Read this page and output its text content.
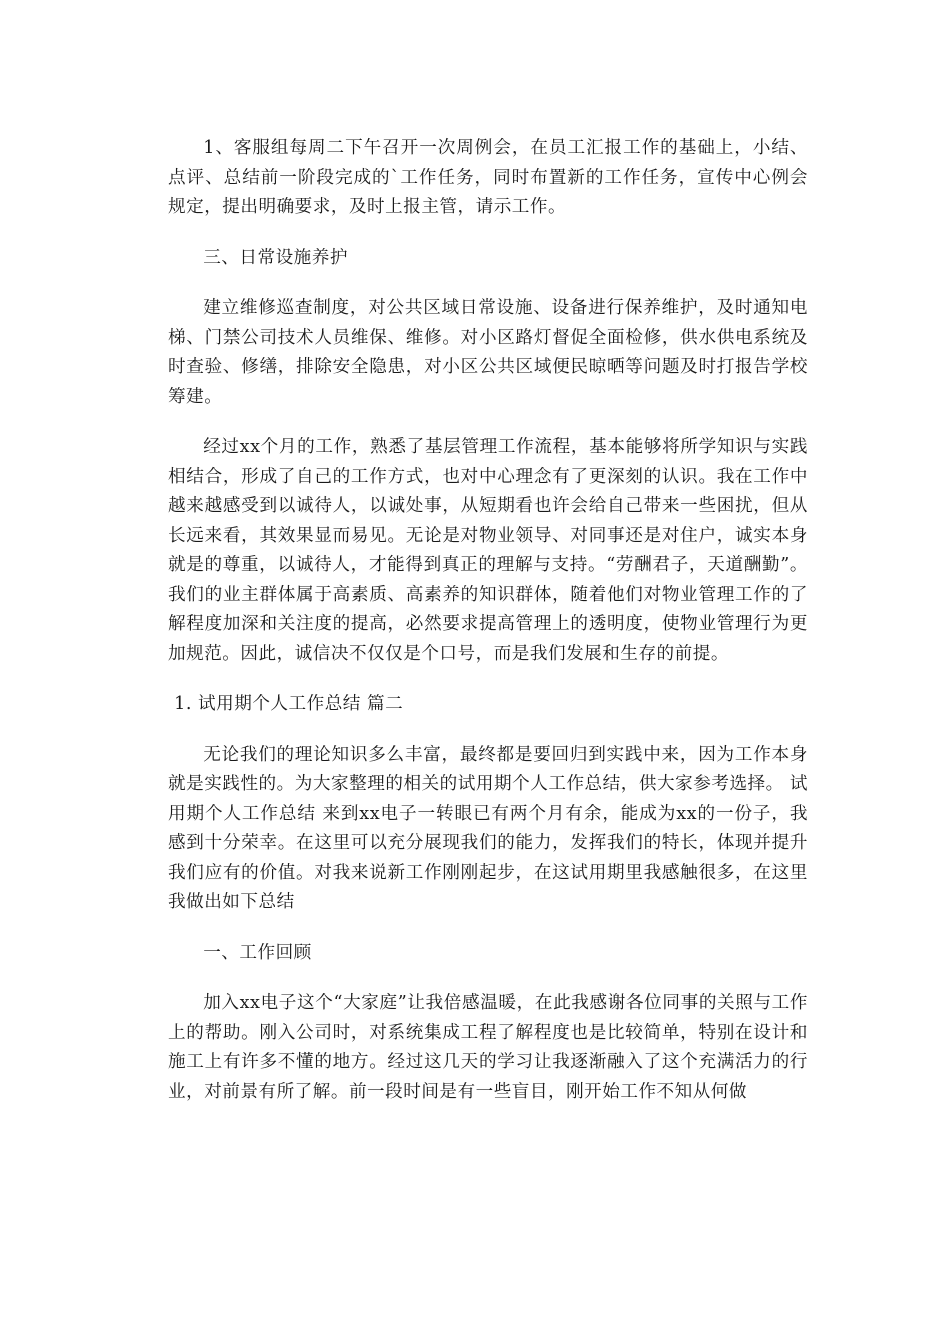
1、客服组每周二下午召开一次周例会，在员工汇报工作的基础上，小结、点评、总结前一阶段完成的`工作任务，同时布置新的工作任务，宣传中心例会规定，提出明确要求，及时上报主管，请示工作。

三、日常设施养护

建立维修巡查制度，对公共区域日常设施、设备进行保养维护，及时通知电梯、门禁公司技术人员维保、维修。对小区路灯督促全面检修，供水供电系统及时查验、修缮，排除安全隐患，对小区公共区域便民晾晒等问题及时打报告学校筹建。

经过xx个月的工作，熟悉了基层管理工作流程，基本能够将所学知识与实践相结合，形成了自己的工作方式，也对中心理念有了更深刻的认识。我在工作中越来越感受到以诚待人，以诚处事，从短期看也许会给自己带来一些困扰，但从长远来看，其效果显而易见。无论是对物业领导、对同事还是对住户，诚实本身就是的尊重，以诚待人，才能得到真正的理解与支持。“劳酬君子，天道酬勤”。我们的业主群体属于高素质、高素养的知识群体，随着他们对物业管理工作的了解程度加深和关注度的提高，必然要求提高管理上的透明度，使物业管理行为更加规范。因此，诚信决不仅仅是个口号，而是我们发展和生存的前提。

1. 试用期个人工作总结 篇二

无论我们的理论知识多么丰富，最终都是要回归到实践中来，因为工作本身就是实践性的。为大家整理的相关的试用期个人工作总结，供大家参考选择。 试用期个人工作总结 来到xx电子一转眼已有两个月有余，能成为xx的一份子，我感到十分荣幸。在这里可以充分展现我们的能力，发挥我们的特长，体现并提升我们应有的价值。对我来说新工作刚刚起步，在这试用期里我感触很多，在这里我做出如下总结

一、工作回顾

加入xx电子这个“大家庭”让我倍感温暖，在此我感谢各位同事的关照与工作上的帮助。刚入公司时，对系统集成工程了解程度也是比较简单，特别在设计和施工上有许多不懂的地方。经过这几天的学习让我逐渐融入了这个充满活力的行业，对前景有所了解。前一段时间是有一些盲目，刚开始工作不知从何做
